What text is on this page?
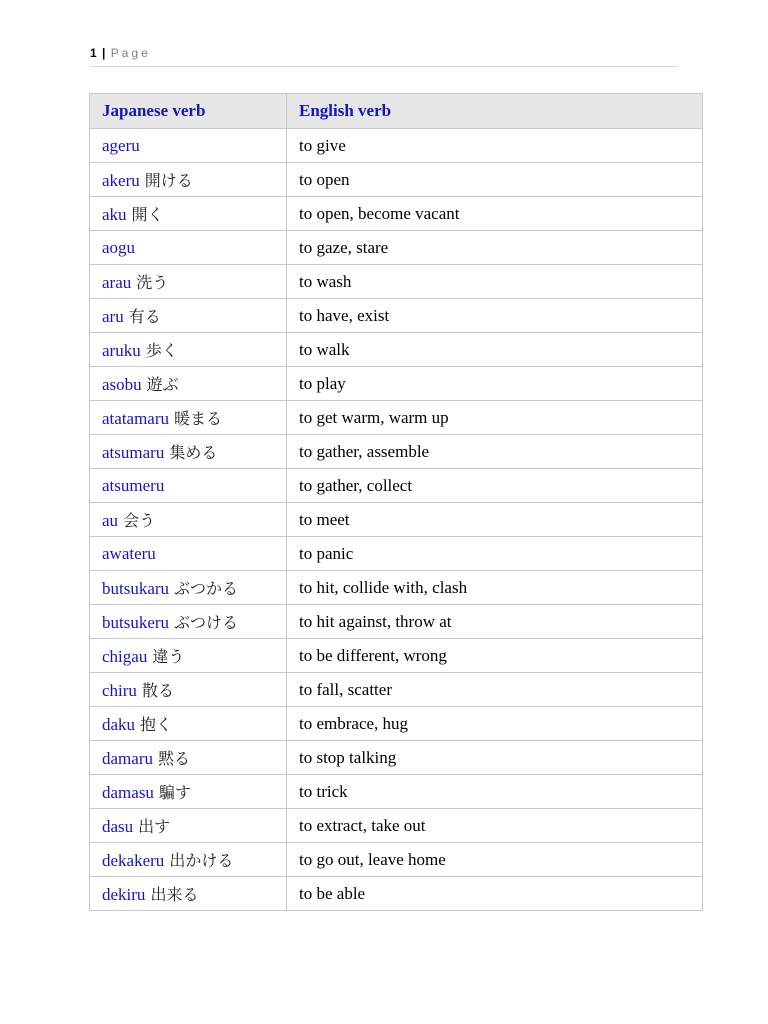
1 | Page
Japanese verb	English verb
ageru	to give
akeru 開ける	to open
aku 開く	to open, become vacant
aogu	to gaze, stare
arau 洗う	to wash
aru 有る	to have, exist
aruku 歩く	to walk
asobu 遊ぶ	to play
atatamaru 暖まる	to get warm, warm up
atsumaru 集める	to gather, assemble
atsumeru	to gather, collect
au 会う	to meet
awateru	to panic
butsukaru ぶつかる	to hit, collide with, clash
butsukeru ぶつける	to hit against, throw at
chigau 違う	to be different, wrong
chiru 散る	to fall, scatter
daku 抱く	to embrace, hug
damaru 黙る	to stop talking
damasu 騙す	to trick
dasu 出す	to extract, take out
dekakeru 出かける	to go out, leave home
dekiru 出来る	to be able
